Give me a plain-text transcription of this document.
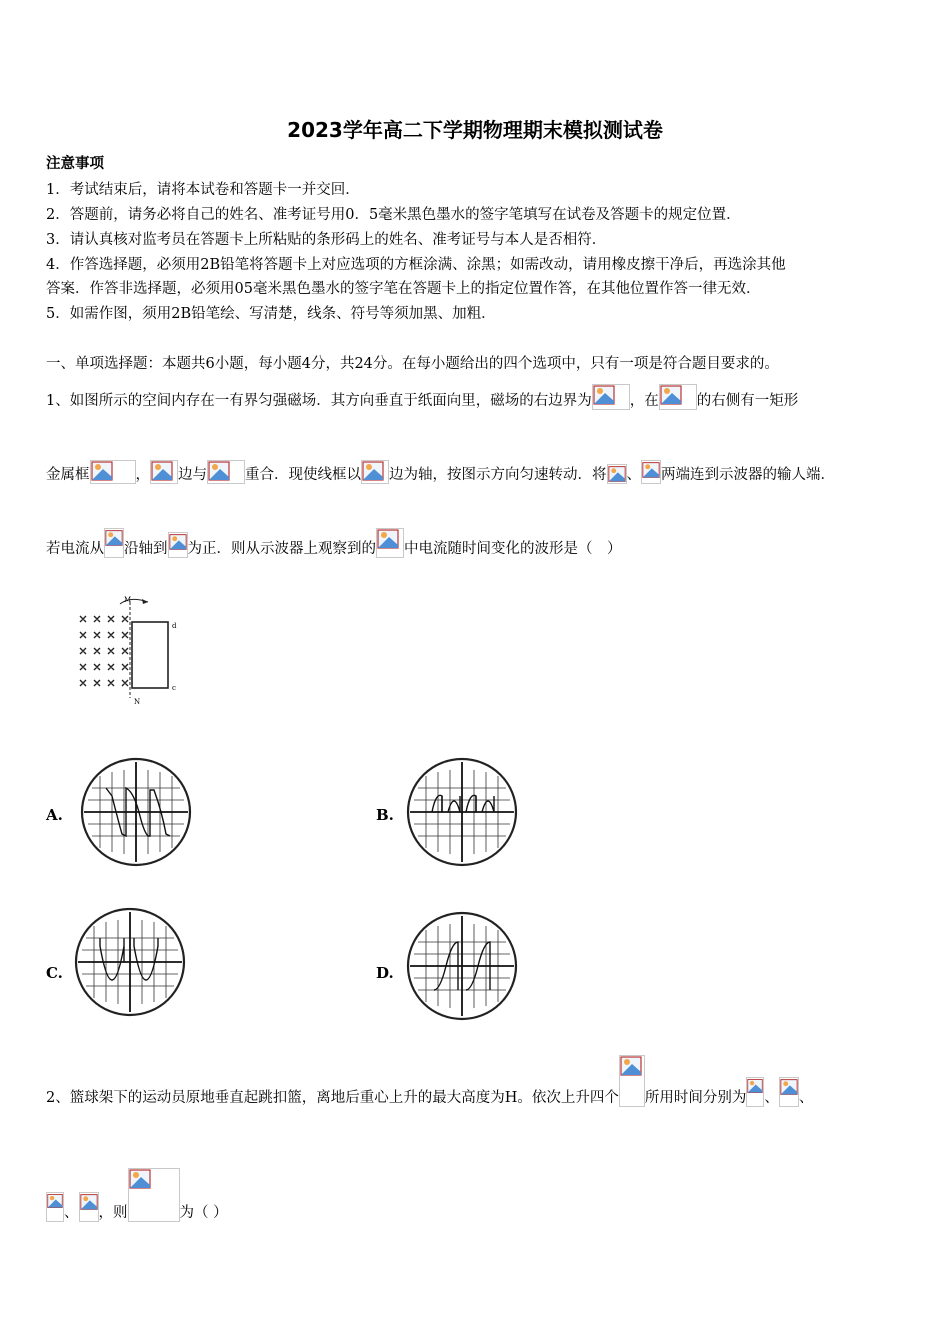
2023学年高二下学期物理期末模拟测试卷
注意事项
1．考试结束后，请将本试卷和答题卡一并交回．
2．答题前，请务必将自己的姓名、准考证号用0．5毫米黑色墨水的签字笔填写在试卷及答题卡的规定位置．
3．请认真核对监考员在答题卡上所粘贴的条形码上的姓名、准考证号与本人是否相符．
4．作答选择题，必须用2B铅笔将答题卡上对应选项的方框涂满、涂黑；如需改动，请用橡皮擦干净后，再选涂其他
答案．作答非选择题，必须用05毫米黑色墨水的签字笔在答题卡上的指定位置作答，在其他位置作答一律无效．
5．如需作图，须用2B铅笔绘、写清楚，线条、符号等须加黑、加粗．
一、单项选择题：本题共6小题，每小题4分，共24分。在每小题给出的四个选项中，只有一项是符合题目要求的。
1、如图所示的空间内存在一有界匀强磁场．其方向垂直于纸面向里，磁场的右边界为	，在	的右侧有一矩形
金属框	， 边与	重合．现使线框以 边为轴，按图示方向匀速转动．将 、 两端连到示波器的输人端．
若电流从 沿轴到 为正．则从示波器上观察到的 中电流随时间变化的波形是（　）
M
d
c
N
A.	B.
C.	D.
2、篮球架下的运动员原地垂直起跳扣篮，离地后重心上升的最大高度为H。依次上升四个 所用时间分别为 、 、
、 ，则	为（ ）
